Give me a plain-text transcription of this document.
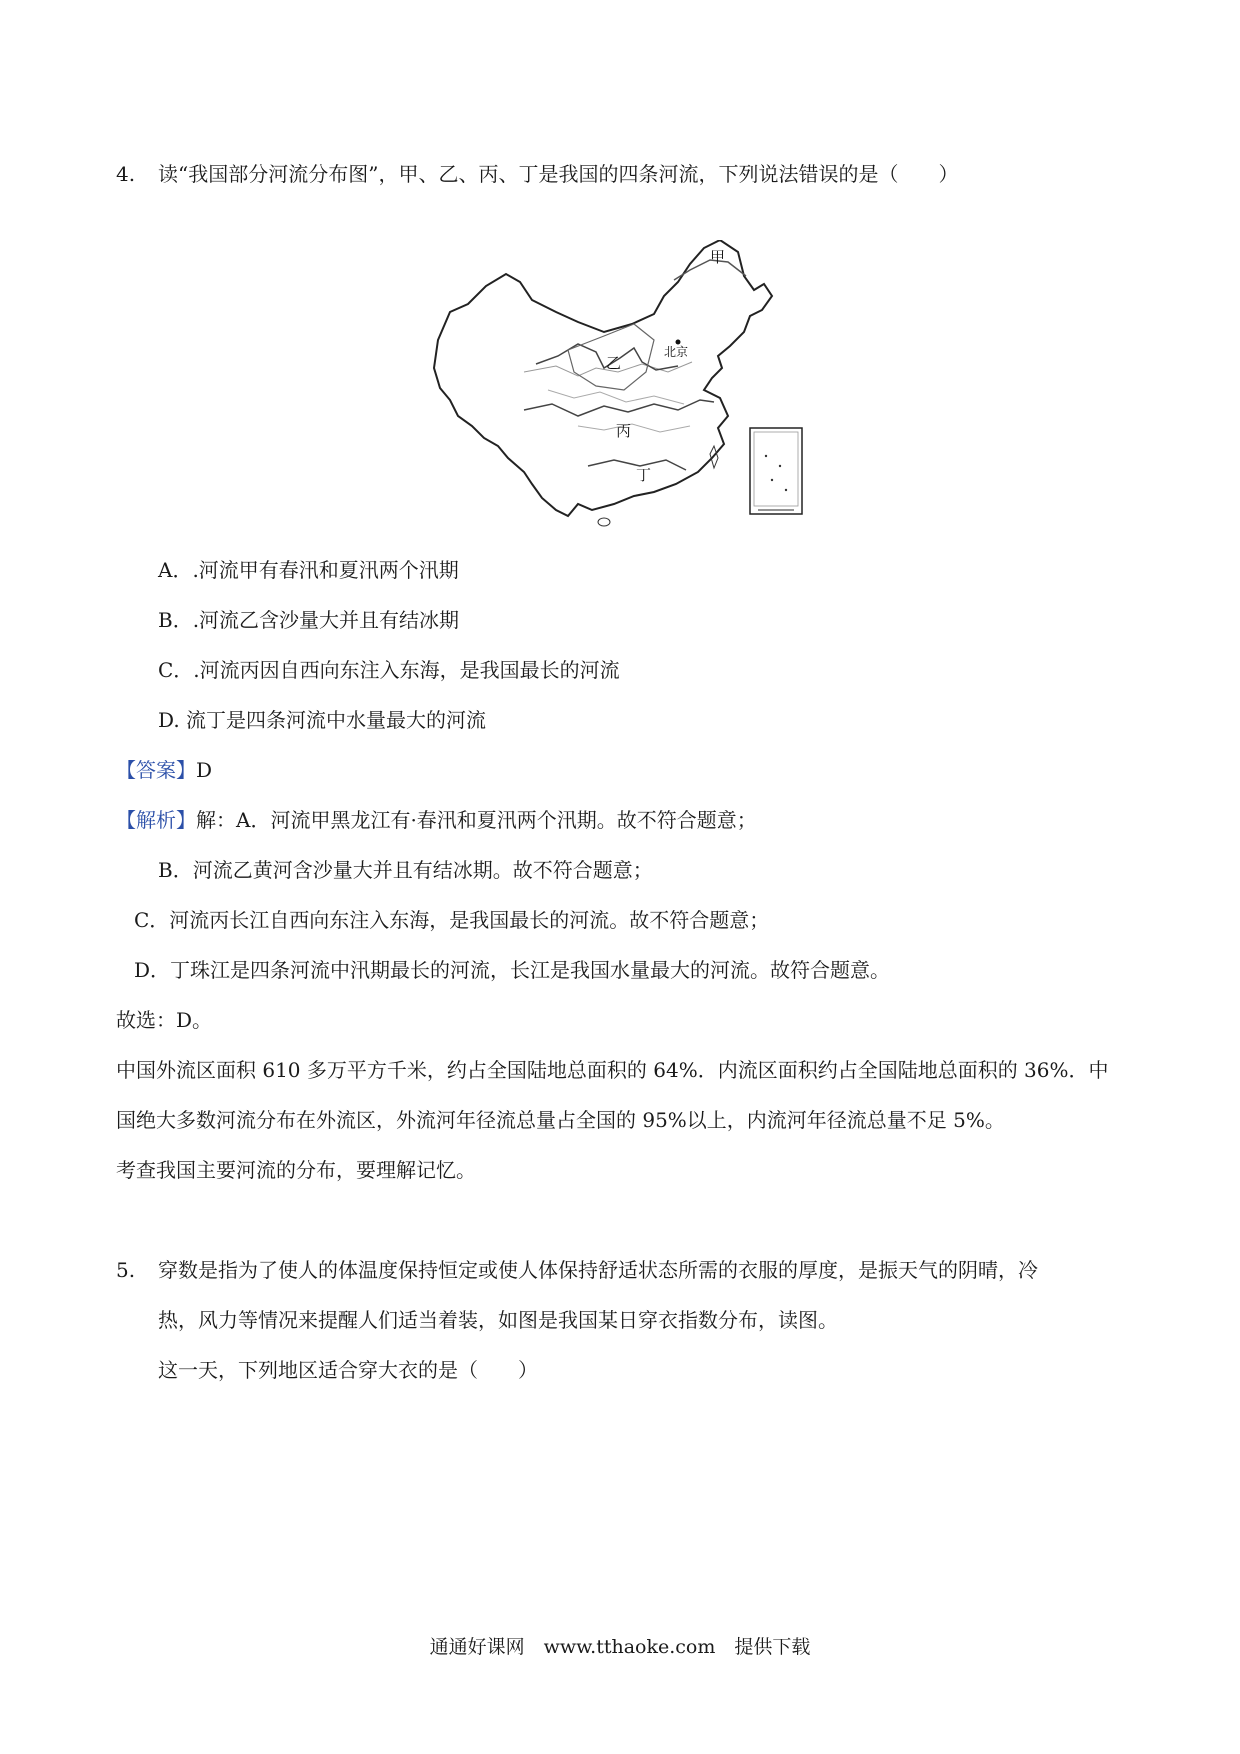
4. 读“我国部分河流分布图”，甲、乙、丙、丁是我国的四条河流，下列说法错误的是（　　）
甲
北京
乙
丙
丁
A．.河流甲有春汛和夏汛两个汛期
B．.河流乙含沙量大并且有结冰期
C．.河流丙因自西向东注入东海，是我国最长的河流
D. 流丁是四条河流中水量最大的河流
【答案】D
【解析】解：A．河流甲黑龙江有·春汛和夏汛两个汛期。故不符合题意；
B．河流乙黄河含沙量大并且有结冰期。故不符合题意；
C．河流丙长江自西向东注入东海，是我国最长的河流。故不符合题意；
D．丁珠江是四条河流中汛期最长的河流，长江是我国水量最大的河流。故符合题意。
故选：D。
中国外流区面积 610 多万平方千米，约占全国陆地总面积的 64%．内流区面积约占全国陆地总面积的 36%．中
国绝大多数河流分布在外流区，外流河年径流总量占全国的 95%以上，内流河年径流总量不足 5%。
考查我国主要河流的分布，要理解记忆。
5. 穿数是指为了使人的体温度保持恒定或使人体保持舒适状态所需的衣服的厚度，是振天气的阴晴，冷
热，风力等情况来提醒人们适当着装，如图是我国某日穿衣指数分布，读图。
这一天，下列地区适合穿大衣的是（　　）
通通好课网　www.tthaoke.com　提供下载
